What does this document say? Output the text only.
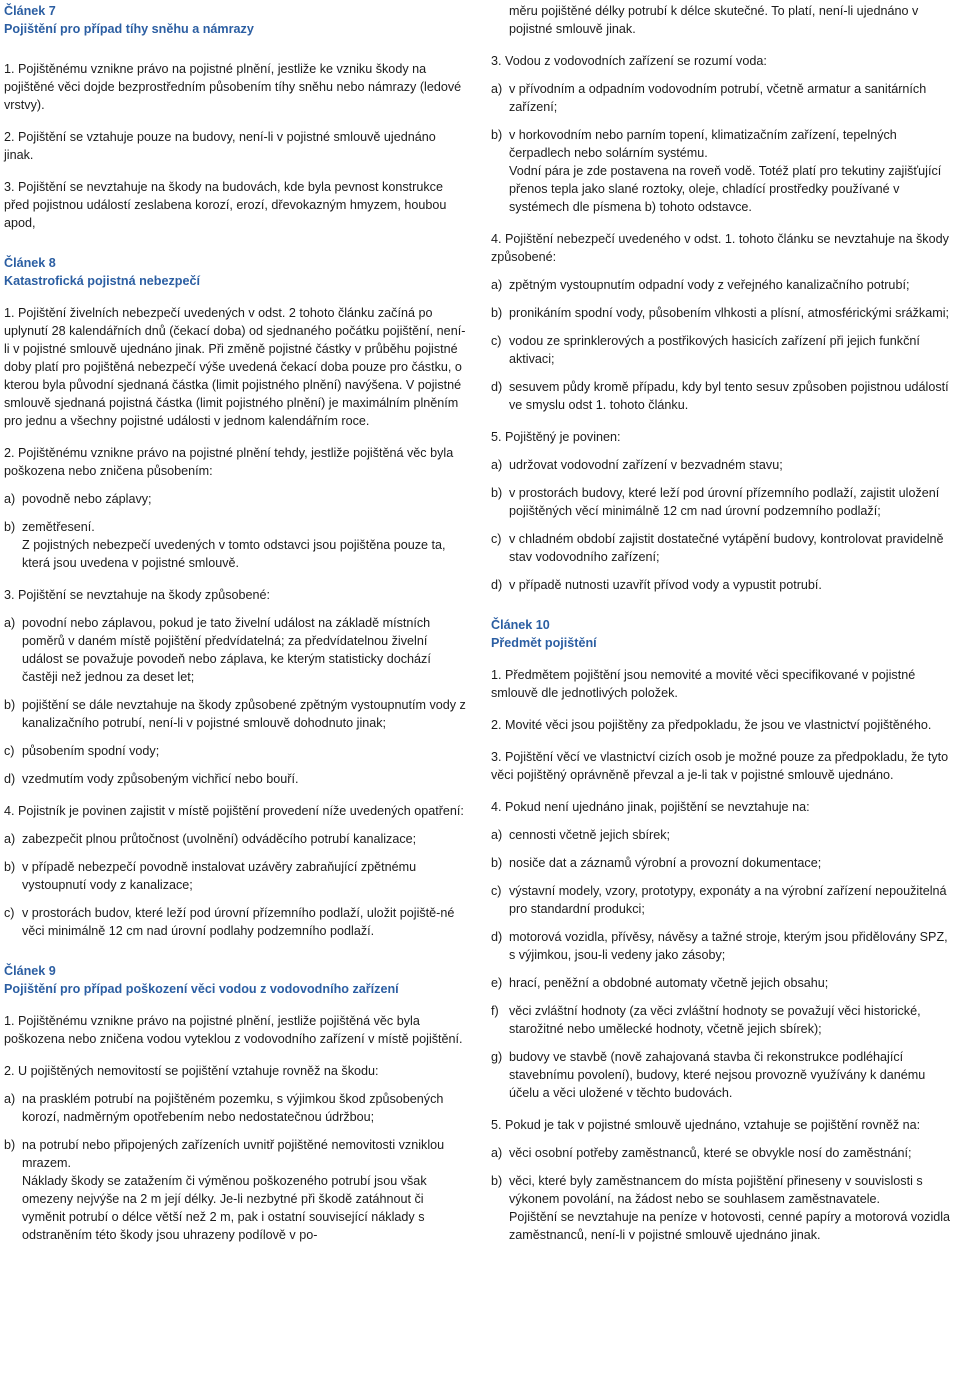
Článek 7
Pojištění pro případ tíhy sněhu a námrazy

1. Pojištěnému vznikne právo na pojistné plnění, jestliže ke vzniku škody na pojištěné věci dojde bezprostředním působením tíhy sněhu nebo námrazy (ledové vrstvy).

2. Pojištění se vztahuje pouze na budovy, není-li v pojistné smlouvě ujednáno jinak.

3. Pojištění se nevztahuje na škody na budovách, kde byla pevnost konstrukce před pojistnou událostí zeslabena korozí, erozí, dřevokazným hmyzem, houbou apod,

Článek 8
Katastrofická pojistná nebezpečí

1. Pojištění živelních nebezpečí uvedených v odst. 2 tohoto článku začíná po uplynutí 28 kalendářních dnů (čekací doba) od sjednaného počátku pojištění, není-li v pojistné smlouvě ujednáno jinak. Při změně pojistné částky v průběhu pojistné doby platí pro pojištěná nebezpečí výše uvedená čekací doba pouze pro částku, o kterou byla původní sjednaná částka (limit pojistného plnění) navýšena. V pojistné smlouvě sjednaná pojistná částka (limit pojistného plnění) je maximálním plněním pro jednu a všechny pojistné události v jednom kalendářním roce.

2. Pojištěnému vznikne právo na pojistné plnění tehdy, jestliže pojištěná věc byla poškozena nebo zničena působením:

a) povodně nebo záplavy;
b) zemětřesení.

Z pojistných nebezpečí uvedených v tomto odstavci jsou pojištěna pouze ta, která jsou uvedena v pojistné smlouvě.

3. Pojištění se nevztahuje na škody způsobené:

a) povodní nebo záplavou, pokud je tato živelní událost na základě místních poměrů v daném místě pojištění předvídatelná; za předvídatelnou živelní událost se považuje povodeň nebo záplava, ke kterým statisticky dochází častěji než jednou za deset let;
b) pojištění se dále nevztahuje na škody způsobené zpětným vystoupnutím vody z kanalizačního potrubí, není-li v pojistné smlouvě dohodnuto jinak;
c) působením spodní vody;
d) vzedmutím vody způsobeným vichřicí nebo bouří.

4. Pojistník je povinen zajistit v místě pojištění provedení níže uvedených opatření:

a) zabezpečit plnou průtočnost (uvolnění) odváděcího potrubí kanalizace;
b) v případě nebezpečí povodně instalovat uzávěry zabraňující zpětnému vystoupnutí vody z kanalizace;
c) v prostorách budov, které leží pod úrovní přízemního podlaží, uložit pojiště-né věci minimálně 12 cm nad úrovní podlahy podzemního podlaží.
Článek 9
Pojištění pro případ poškození věci vodou z vodovodního zařízení

1. Pojištěnému vznikne právo na pojistné plnění, jestliže pojištěná věc byla poškozena nebo zničena vodou vyteklou z vodovodního zařízení v místě pojištění.

2. U pojištěných nemovitostí se pojištění vztahuje rovněž na škodu:

a) na prasklém potrubí na pojištěném pozemku, s výjimkou škod způsobených korozí, nadměrným opotřebením nebo nedostatečnou údržbou;
b) na potrubí nebo připojených zařízeních uvnitř pojištěné nemovitosti vzniklou mrazem.

Náklady škody se zatažením či výměnou poškozeného potrubí jsou však omezeny nejvýše na 2 m její délky. Je-li nezbytné při škodě zatáhnout či vyměnit potrubí o délce větší než 2 m, pak i ostatní související náklady s odstraněním této škody jsou uhrazeny podílově v po-

měru pojištěné délky potrubí k délce skutečné. To platí, není-li ujednáno v pojistné smlouvě jinak.

3. Vodou z vodovodních zařízení se rozumí voda:

a) v přívodním a odpadním vodovodním potrubí, včetně armatur a sanitárních zařízení;
b) v horkovodním nebo parním topení, klimatizačním zařízení, tepelných čerpadlech nebo solárním systému.

Vodní pára je zde postavena na roveň vodě. Totéž platí pro tekutiny zajišťující přenos tepla jako slané roztoky, oleje, chladící prostředky používané v systémech dle písmena b) tohoto odstavce.

4. Pojištění nebezpečí uvedeného v odst. 1. tohoto článku se nevztahuje na škody způsobené:

a) zpětným vystoupnutím odpadní vody z veřejného kanalizačního potrubí;
b) pronikáním spodní vody, působením vlhkosti a plísní, atmosférickými srážkami;
c) vodou ze sprinklerových a postřikových hasicích zařízení při jejich funkční aktivaci;
d) sesuvem půdy kromě případu, kdy byl tento sesuv způsoben pojistnou událostí ve smyslu odst 1. tohoto článku.

5. Pojištěný je povinen:

a) udržovat vodovodní zařízení v bezvadném stavu;
b) v prostorách budovy, které leží pod úrovní přízemního podlaží, zajistit uložení pojištěných věcí minimálně 12 cm nad úrovní podzemního podlaží;
c) v chladném období zajistit dostatečné vytápění budovy, kontrolovat pravidelně stav vodovodního zařízení;
d) v případě nutnosti uzavřít přívod vody a vypustit potrubí.
Článek 10
Předmět pojištění

1. Předmětem pojištění jsou nemovité a movité věci specifikované v pojistné smlouvě dle jednotlivých položek.

2. Movité věci jsou pojištěny za předpokladu, že jsou ve vlastnictví pojištěného.

3. Pojištění věcí ve vlastnictví cizích osob je možné pouze za předpokladu, že tyto věci pojištěný oprávněně převzal a je-li tak v pojistné smlouvě ujednáno.

4. Pokud není ujednáno jinak, pojištění se nevztahuje na:

a) cennosti včetně jejich sbírek;
b) nosiče dat a záznamů výrobní a provozní dokumentace;
c) výstavní modely, vzory, prototypy, exponáty a na výrobní zařízení nepoužitelná pro standardní produkci;
d) motorová vozidla, přívěsy, návěsy a tažné stroje, kterým jsou přidělovány SPZ, s výjimkou, jsou-li vedeny jako zásoby;
e) hrací, peněžní a obdobné automaty včetně jejich obsahu;
f) věci zvláštní hodnoty (za věci zvláštní hodnoty se považují věci historické, starožitné nebo umělecké hodnoty, včetně jejich sbírek);
g) budovy ve stavbě (nově zahajovaná stavba či rekonstrukce podléhající stavebnímu povolení), budovy, které nejsou provozně využívány k danému účelu a věci uložené v těchto budovách.

5. Pokud je tak v pojistné smlouvě ujednáno, vztahuje se pojištění rovněž na:

a) věci osobní potřeby zaměstnanců, které se obvykle nosí do zaměstnání;
b) věci, které byly zaměstnancem do místa pojištění přineseny v souvislosti s výkonem povolání, na žádost nebo se souhlasem zaměstnavatele.

Pojištění se nevztahuje na peníze v hotovosti, cenné papíry a motorová vozidla zaměstnanců, není-li v pojistné smlouvě ujednáno jinak.
